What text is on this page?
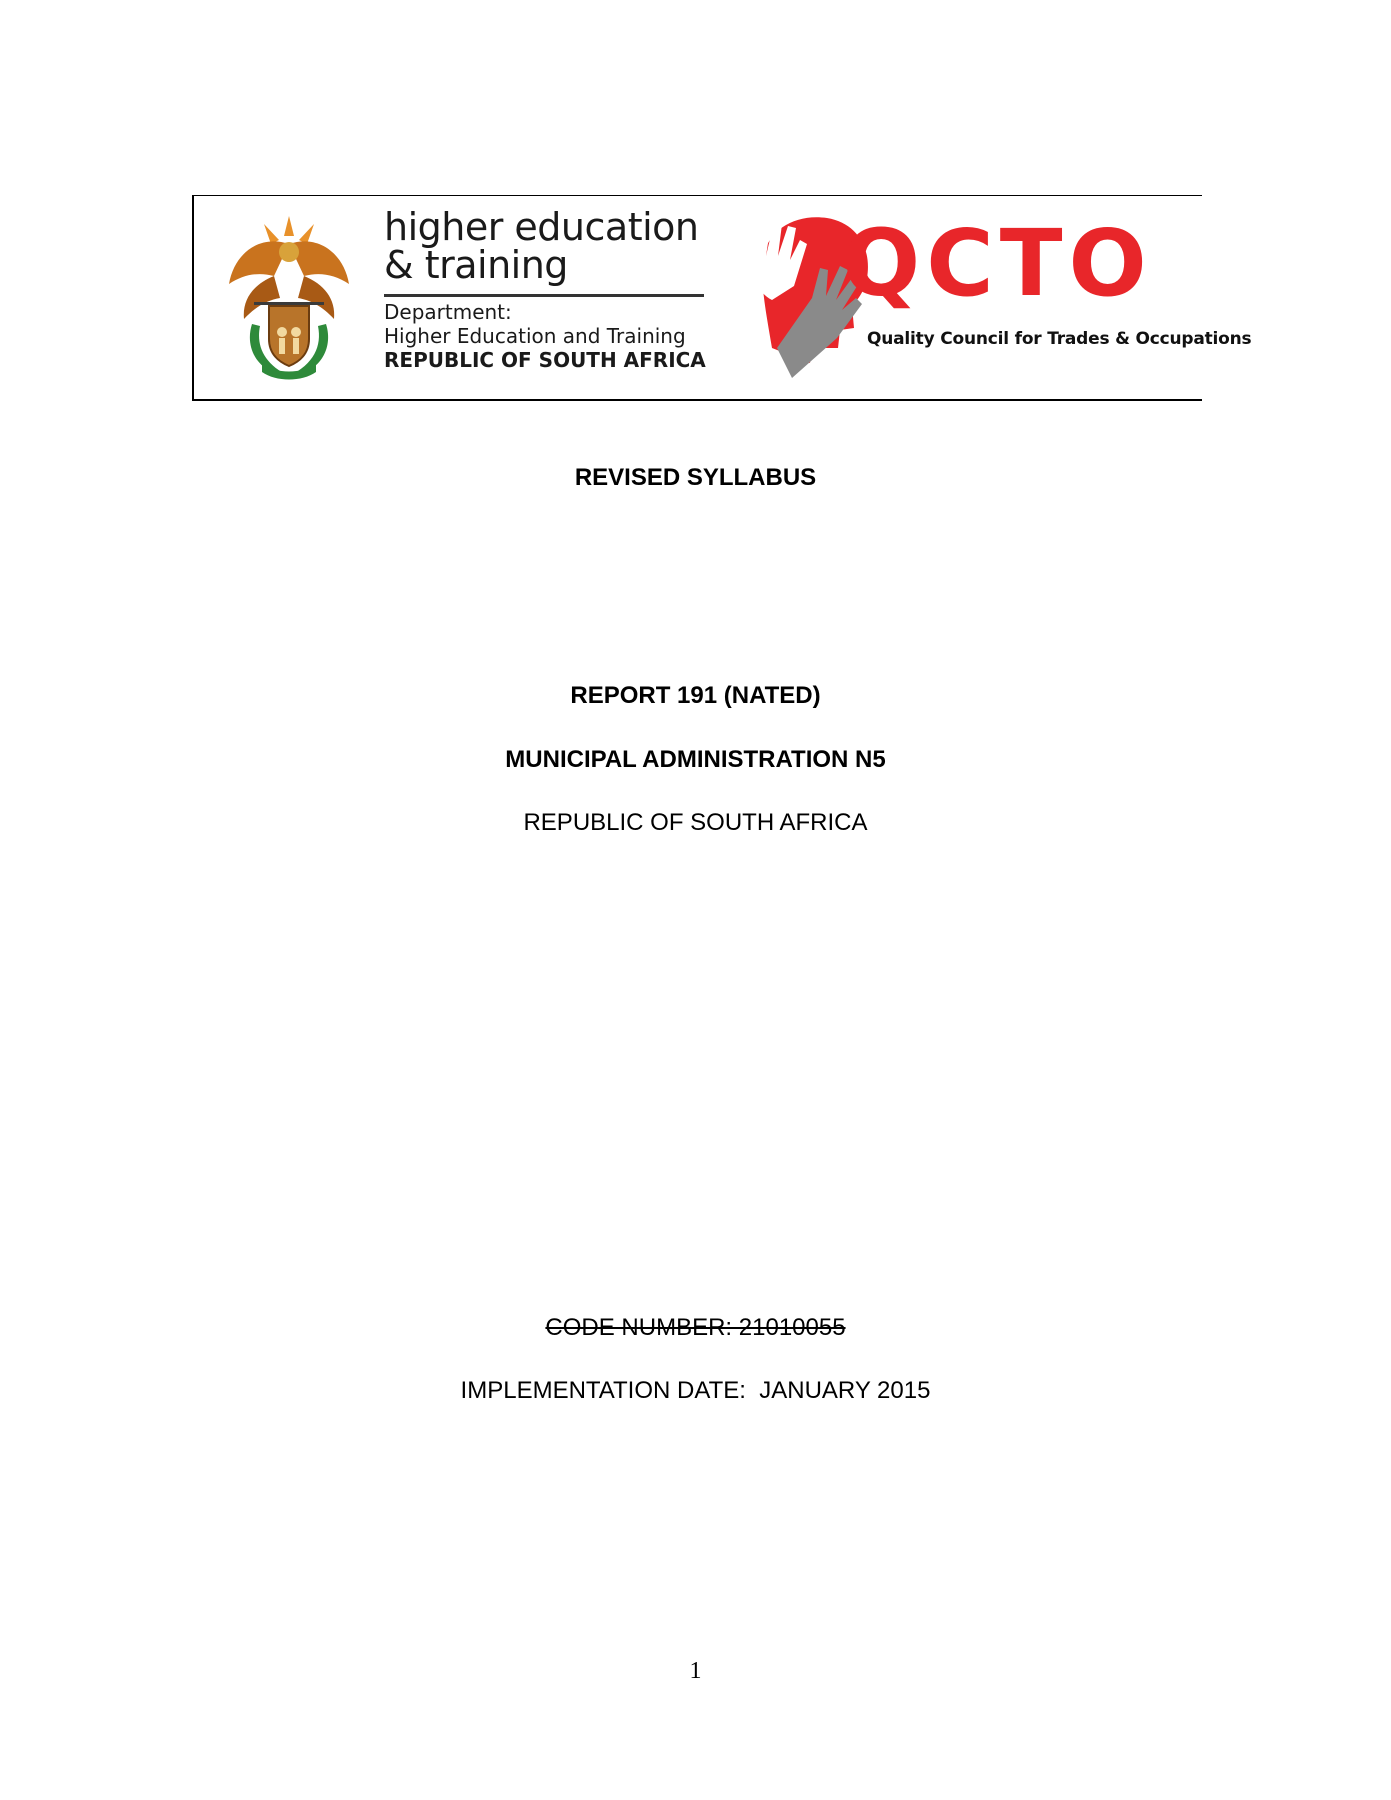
higher education
& training
Department:
Higher Education and Training
REPUBLIC OF SOUTH AFRICA
QCTO
Quality Council for Trades & Occupations
REVISED SYLLABUS
REPORT 191 (NATED)
MUNICIPAL ADMINISTRATION N5
REPUBLIC OF SOUTH AFRICA
CODE NUMBER: 21010055
IMPLEMENTATION DATE:  JANUARY 2015
1
